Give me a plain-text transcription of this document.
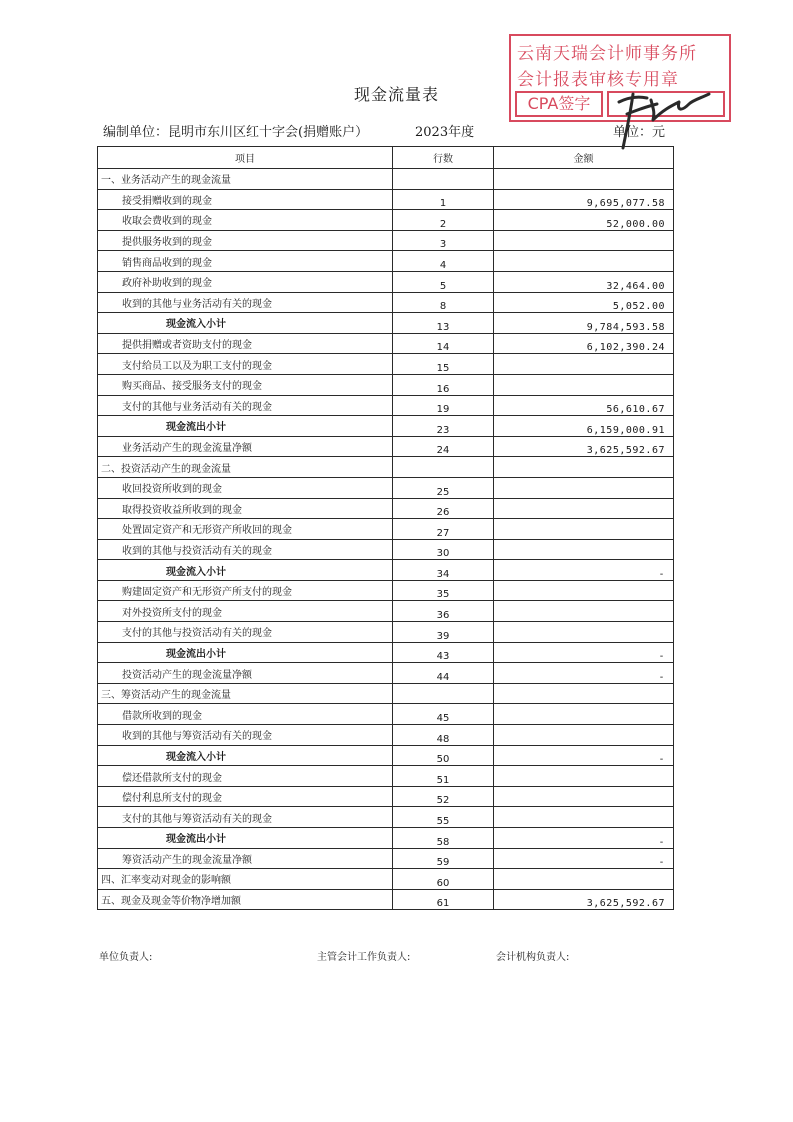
现金流量表
云南天瑞会计师事务所
会计报表审核专用章
CPA签字
编制单位：昆明市东川区红十字会(捐赠账户）	2023年度	单位：元
项目	行数	金额
一、业务活动产生的现金流量		
接受捐赠收到的现金	1	9,695,077.58
收取会费收到的现金	2	52,000.00
提供服务收到的现金	3	
销售商品收到的现金	4	
政府补助收到的现金	5	32,464.00
收到的其他与业务活动有关的现金	8	5,052.00
现金流入小计	13	9,784,593.58
提供捐赠或者资助支付的现金	14	6,102,390.24
支付给员工以及为职工支付的现金	15	
购买商品、接受服务支付的现金	16	
支付的其他与业务活动有关的现金	19	56,610.67
现金流出小计	23	6,159,000.91
业务活动产生的现金流量净额	24	3,625,592.67
二、投资活动产生的现金流量		
收回投资所收到的现金	25	
取得投资收益所收到的现金	26	
处置固定资产和无形资产所收回的现金	27	
收到的其他与投资活动有关的现金	30	
现金流入小计	34	-
购建固定资产和无形资产所支付的现金	35	
对外投资所支付的现金	36	
支付的其他与投资活动有关的现金	39	
现金流出小计	43	-
投资活动产生的现金流量净额	44	-
三、筹资活动产生的现金流量		
借款所收到的现金	45	
收到的其他与筹资活动有关的现金	48	
现金流入小计	50	-
偿还借款所支付的现金	51	
偿付利息所支付的现金	52	
支付的其他与筹资活动有关的现金	55	
现金流出小计	58	-
筹资活动产生的现金流量净额	59	-
四、汇率变动对现金的影响额	60	
五、现金及现金等价物净增加额	61	3,625,592.67
单位负责人:	主管会计工作负责人:	会计机构负责人:
